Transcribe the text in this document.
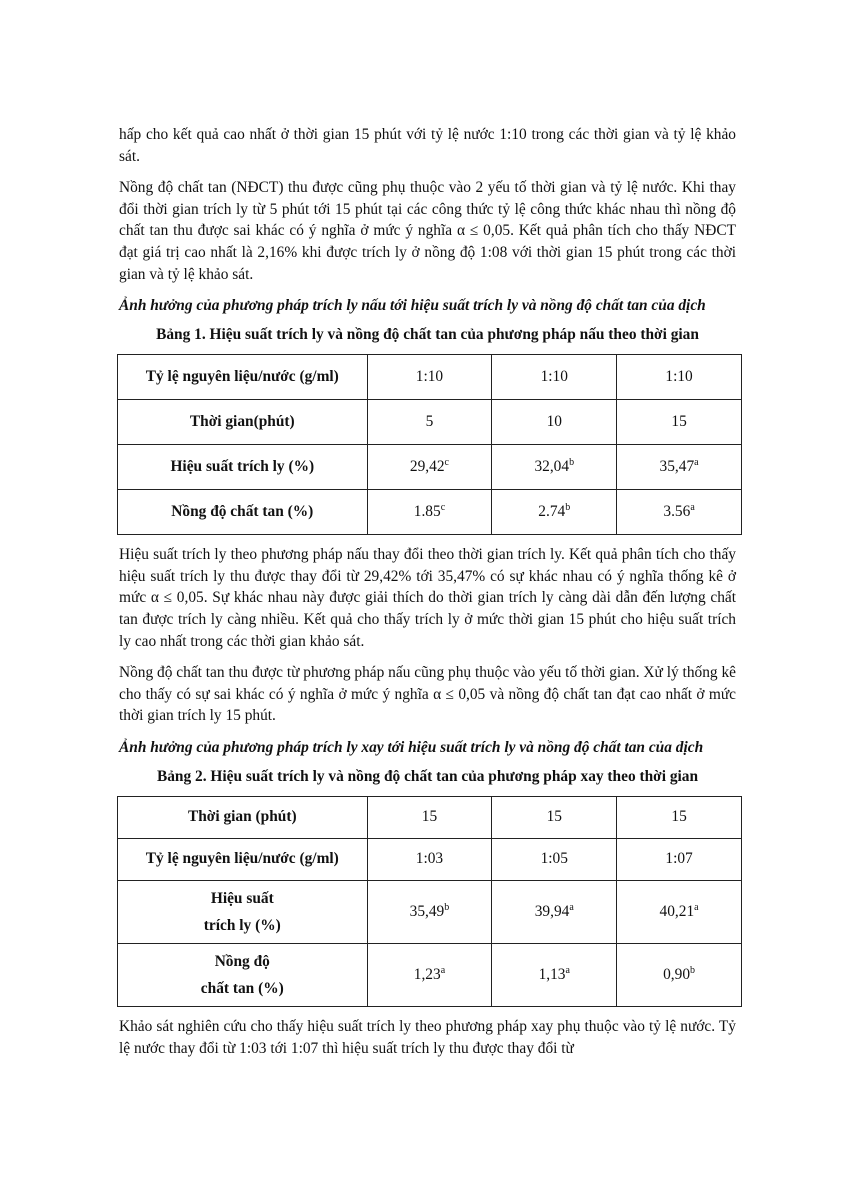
hấp cho kết quả cao nhất ở thời gian 15 phút với tỷ lệ nước 1:10 trong các thời gian và tỷ lệ khảo sát.

Nồng độ chất tan (NĐCT) thu được cũng phụ thuộc vào 2 yếu tố thời gian và tỷ lệ nước. Khi thay đổi thời gian trích ly từ 5 phút tới 15 phút tại các công thức tỷ lệ công thức khác nhau thì nồng độ chất tan thu được sai khác có ý nghĩa ở mức ý nghĩa α ≤ 0,05. Kết quả phân tích cho thấy NĐCT đạt giá trị cao nhất là 2,16% khi được trích ly ở nồng độ 1:08 với thời gian 15 phút trong các thời gian và tỷ lệ khảo sát.

Ảnh hưởng của phương pháp trích ly nấu tới hiệu suất trích ly và nồng độ chất tan của dịch

Bảng 1. Hiệu suất trích ly và nồng độ chất tan của phương pháp nấu theo thời gian
Tỷ lệ nguyên liệu/nước (g/ml)	1:10	1:10	1:10
Thời gian(phút)	5	10	15
Hiệu suất trích ly (%)	29,42$^c$	32,04$^b$	35,47$^a$
Nồng độ chất tan (%)	1.85$^c$	2.74$^b$	3.56$^a$

Hiệu suất trích ly theo phương pháp nấu thay đổi theo thời gian trích ly. Kết quả phân tích cho thấy hiệu suất trích ly thu được thay đổi từ 29,42% tới 35,47% có sự khác nhau có ý nghĩa thống kê ở mức α ≤ 0,05. Sự khác nhau này được giải thích do thời gian trích ly càng dài dẫn đến lượng chất tan được trích ly càng nhiều. Kết quả cho thấy trích ly ở mức thời gian 15 phút cho hiệu suất trích ly cao nhất trong các thời gian khảo sát.

Nồng độ chất tan thu được từ phương pháp nấu cũng phụ thuộc vào yếu tố thời gian. Xử lý thống kê cho thấy có sự sai khác có ý nghĩa ở mức ý nghĩa α ≤ 0,05 và nồng độ chất tan đạt cao nhất ở mức thời gian trích ly 15 phút.

Ảnh hưởng của phương pháp trích ly xay tới hiệu suất trích ly và nồng độ chất tan của dịch

Bảng 2. Hiệu suất trích ly và nồng độ chất tan của phương pháp xay theo thời gian
Thời gian (phút)	15	15	15
Tỷ lệ nguyên liệu/nước (g/ml)	1:03	1:05	1:07
Hiệu suất
trích ly (%)	35,49$^b$	39,94$^a$	40,21$^a$
Nồng độ
chất tan (%)	1,23$^a$	1,13$^a$	0,90$^b$

Khảo sát nghiên cứu cho thấy hiệu suất trích ly theo phương pháp xay phụ thuộc vào tỷ lệ nước. Tỷ lệ nước thay đổi từ 1:03 tới 1:07 thì hiệu suất trích ly thu được thay đổi từ
